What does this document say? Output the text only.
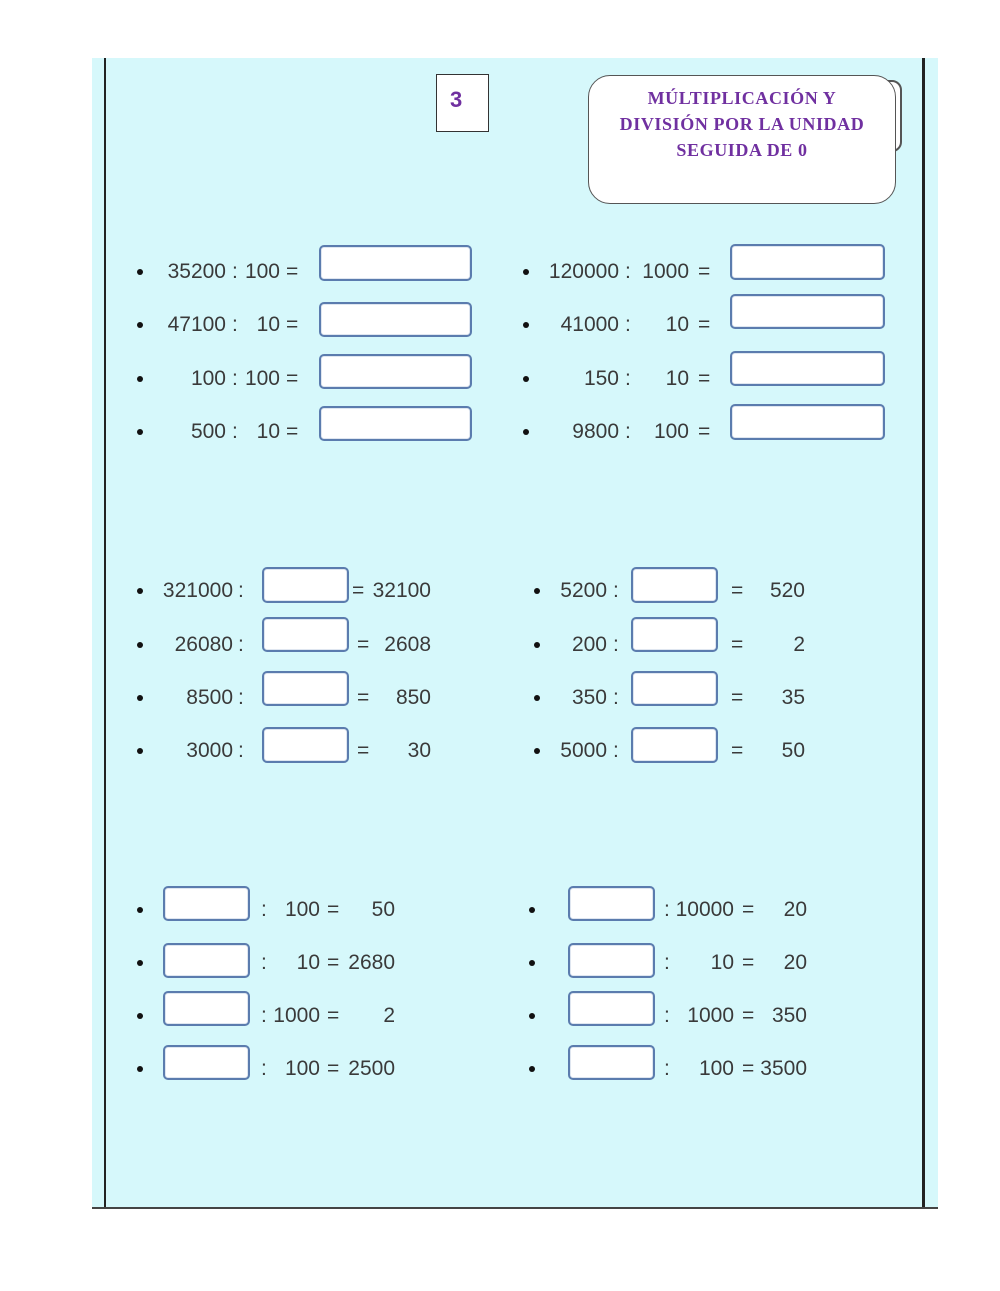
3	MÚLTIPLICACIÓN Y
DIVISIÓN POR LA UNIDAD
SEGUIDA DE 0
35200 : 100 =
47100 : 10 =
100 : 100 =
500 : 10 =
120000 : 1000 =
41000 :	10 =
150 :	10 =
9800 :	100 =
321000 :	= 32100
26080 :	= 2608
8500 :	=	850
3000 :	=	30
5200 :	=	520
200 :	=	2
350 :	=	35
5000 :	=	50
: 100 =	50
:	10 = 2680
: 1000 =	2
: 100 = 2500
: 10000 =	20
:	10 =	20
: 1000 = 350
:	100 = 3500
